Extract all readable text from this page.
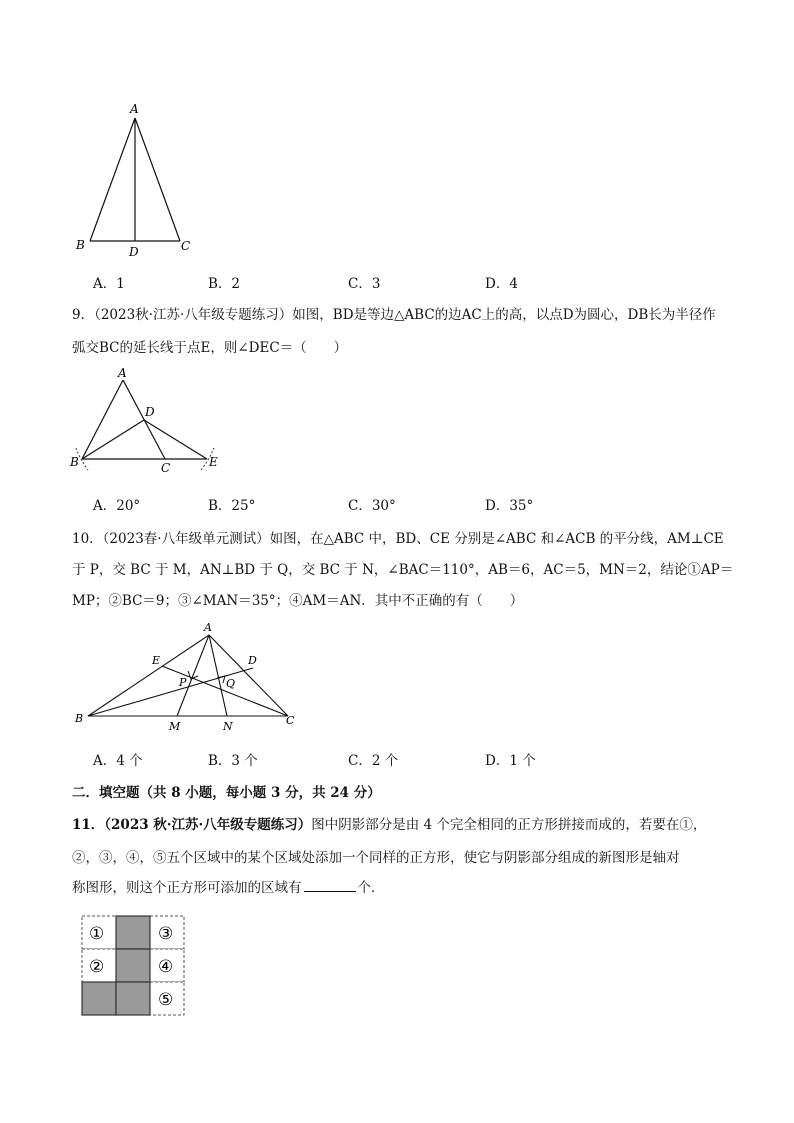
A
B	D	C
A．1	B．2	C．3	D．4
9．（2023秋·江苏·八年级专题练习）如图，BD是等边△ABC的边AC上的高，以点D为圆心，DB长为半径作
弧交BC的延长线于点E，则∠DEC＝（　　）
A
D
B	C	E
A．20°	B．25°	C．30°	D．35°
10．（2023春·八年级单元测试）如图，在△ABC 中，BD、CE 分别是∠ABC 和∠ACB 的平分线，AM⊥CE
于 P，交 BC 于 M，AN⊥BD 于 Q，交 BC 于 N，∠BAC＝110°，AB＝6，AC＝5，MN＝2，结论①AP＝
MP；②BC＝9；③∠MAN＝35°；④AM＝AN．其中不正确的有（　　）
A
E	D
P	Q
B
M	N	C
A．4 个	B．3 个	C．2 个	D．1 个
二．填空题（共 8 小题，每小题 3 分，共 24 分）
11．（2023 秋·江苏·八年级专题练习）图中阴影部分是由 4 个完全相同的正方形拼接而成的，若要在①，
②，③，④，⑤五个区域中的某个区域处添加一个同样的正方形，使它与阴影部分组成的新图形是轴对
称图形，则这个正方形可添加的区域有	个．
①
②
③
④
⑤
